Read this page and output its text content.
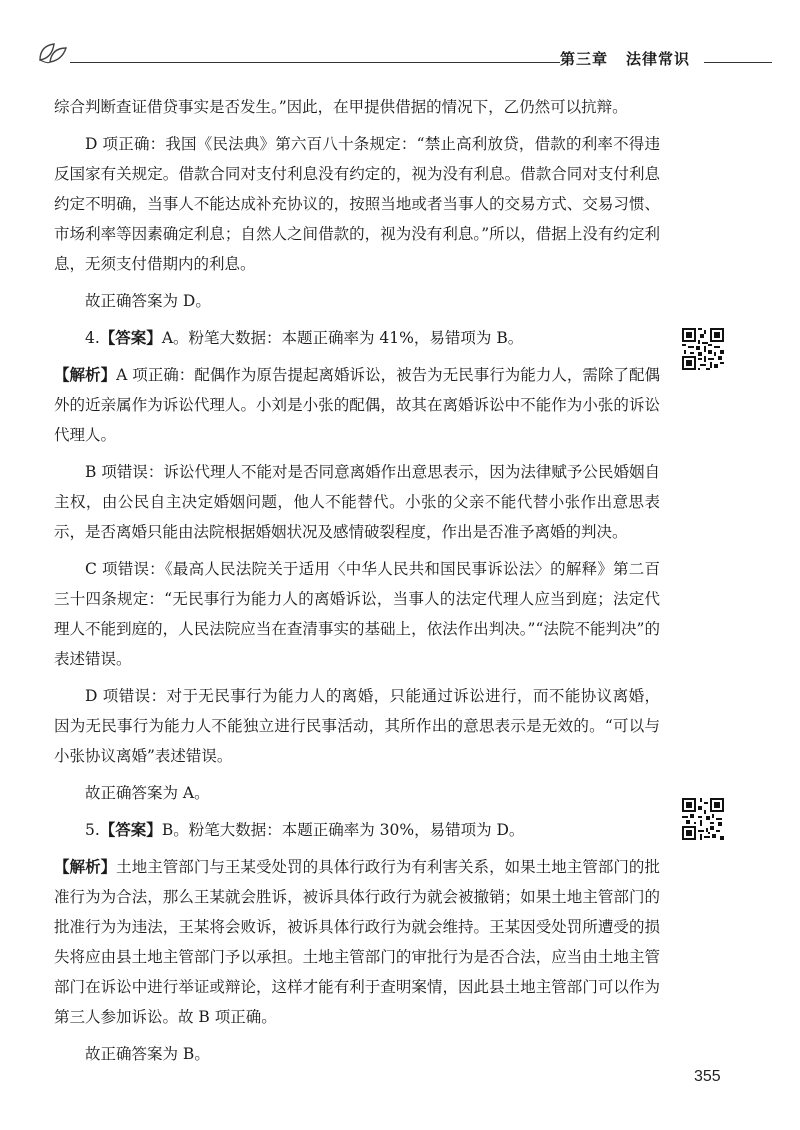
第三章 法律常识

综合判断查证借贷事实是否发生。”因此，在甲提供借据的情况下，乙仍然可以抗辩。

D 项正确：我国《民法典》第六百八十条规定：“禁止高利放贷，借款的利率不得违反国家有关规定。借款合同对支付利息没有约定的，视为没有利息。借款合同对支付利息约定不明确，当事人不能达成补充协议的，按照当地或者当事人的交易方式、交易习惯、市场利率等因素确定利息；自然人之间借款的，视为没有利息。”所以，借据上没有约定利息，无须支付借期内的利息。

故正确答案为 D。

4.【答案】A。粉笔大数据：本题正确率为 41%，易错项为 B。

【解析】A 项正确：配偶作为原告提起离婚诉讼，被告为无民事行为能力人，需除了配偶外的近亲属作为诉讼代理人。小刘是小张的配偶，故其在离婚诉讼中不能作为小张的诉讼代理人。

B 项错误：诉讼代理人不能对是否同意离婚作出意思表示，因为法律赋予公民婚姻自主权，由公民自主决定婚姻问题，他人不能替代。小张的父亲不能代替小张作出意思表示，是否离婚只能由法院根据婚姻状况及感情破裂程度，作出是否准予离婚的判决。

C 项错误：《最高人民法院关于适用〈中华人民共和国民事诉讼法〉的解释》第二百三十四条规定：“无民事行为能力人的离婚诉讼，当事人的法定代理人应当到庭；法定代理人不能到庭的，人民法院应当在查清事实的基础上，依法作出判决。”“法院不能判决”的表述错误。

D 项错误：对于无民事行为能力人的离婚，只能通过诉讼进行，而不能协议离婚，因为无民事行为能力人不能独立进行民事活动，其所作出的意思表示是无效的。“可以与小张协议离婚”表述错误。

故正确答案为 A。

5.【答案】B。粉笔大数据：本题正确率为 30%，易错项为 D。

【解析】土地主管部门与王某受处罚的具体行政行为有利害关系，如果土地主管部门的批准行为为合法，那么王某就会胜诉，被诉具体行政行为就会被撤销；如果土地主管部门的批准行为为违法，王某将会败诉，被诉具体行政行为就会维持。王某因受处罚所遭受的损失将应由县土地主管部门予以承担。土地主管部门的审批行为是否合法，应当由土地主管部门在诉讼中进行举证或辩论，这样才能有利于查明案情，因此县土地主管部门可以作为第三人参加诉讼。故 B 项正确。

故正确答案为 B。

355
